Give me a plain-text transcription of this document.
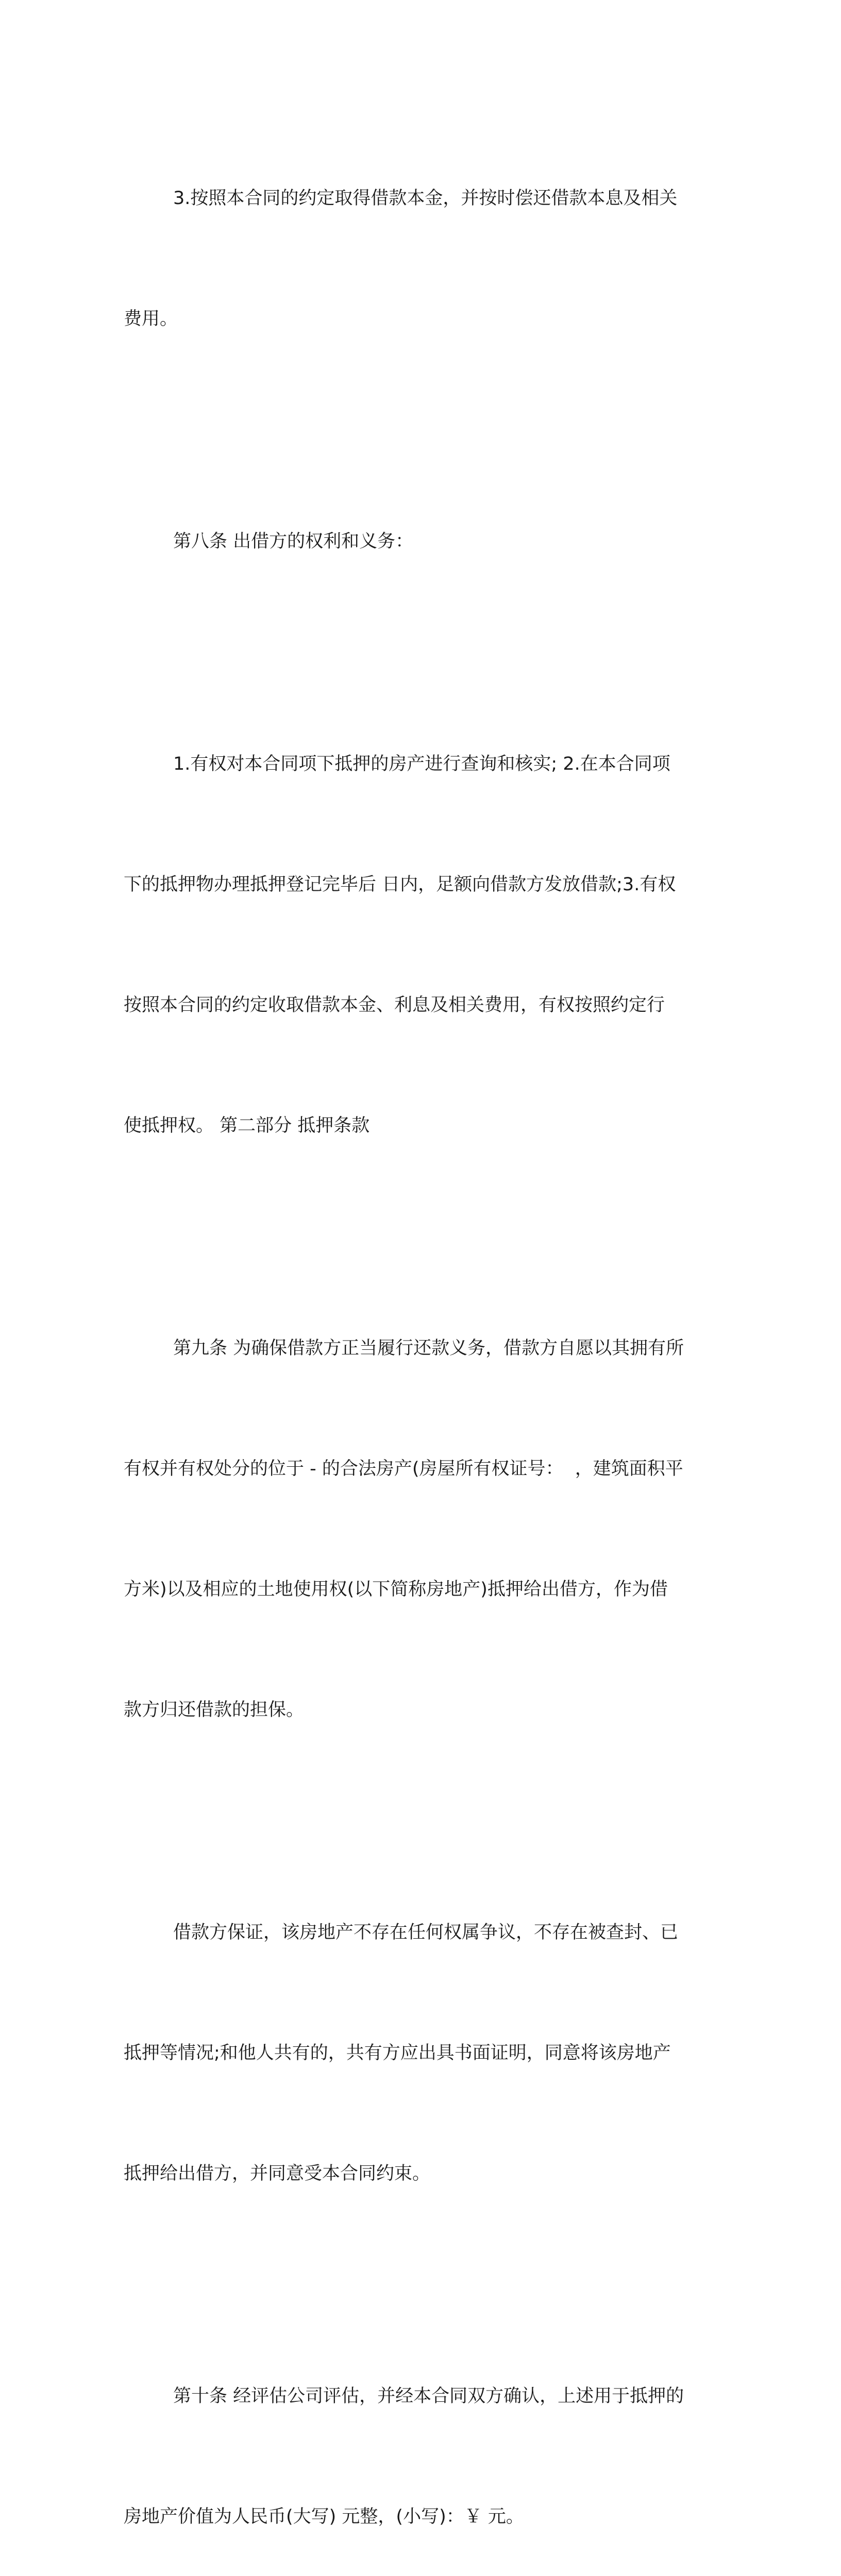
3.按照本合同的约定取得借款本金，并按时偿还借款本息及相关

费用。

第八条 出借方的权利和义务：

1.有权对本合同项下抵押的房产进行查询和核实; 2.在本合同项

下的抵押物办理抵押登记完毕后 日内，足额向借款方发放借款;3.有权

按照本合同的约定收取借款本金、利息及相关费用，有权按照约定行

使抵押权。 第二部分 抵押条款

第九条 为确保借款方正当履行还款义务，借款方自愿以其拥有所

有权并有权处分的位于 - 的合法房产(房屋所有权证号：  ，建筑面积平

方米)以及相应的土地使用权(以下简称房地产)抵押给出借方，作为借

款方归还借款的担保。

借款方保证，该房地产不存在任何权属争议，不存在被查封、已

抵押等情况;和他人共有的，共有方应出具书面证明，同意将该房地产

抵押给出借方，并同意受本合同约束。

第十条 经评估公司评估，并经本合同双方确认，上述用于抵押的

房地产价值为人民币(大写) 元整，(小写)：￥ 元。
